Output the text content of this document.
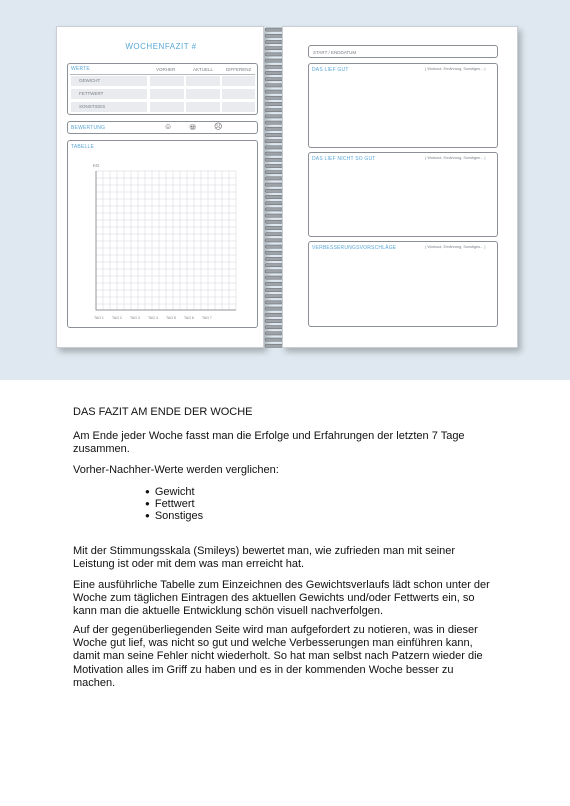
WOCHENFAZIT #
WERTE	VORHER	AKTUELL	DIFFERENZ
GEWICHT
FETTWERT
SONSTIGES
BEWERTUNG	☺	😐 ☹
TABELLE
KG
TAG 1 TAG 2 TAG 3 TAG 4 TAG 5 TAG 6 TAG 7
START / ENDDATUM
DAS LIEF GUT	( Workout, Ernährung, Sonstiges... )
DAS LIEF NICHT SO GUT	( Workout, Ernährung, Sonstiges... )
VERBESSERUNGSVORSCHLÄGE	( Workout, Ernährung, Sonstiges... )
DAS FAZIT AM ENDE DER WOCHE
Am Ende jeder Woche fasst man die Erfolge und Erfahrungen der letzten 7 Tage zusammen.
Vorher-Nachher-Werte werden verglichen:
● Gewicht
● Fettwert
● Sonstiges
Mit der Stimmungsskala (Smileys) bewertet man, wie zufrieden man mit seiner Leistung ist oder mit dem was man erreicht hat.
Eine ausführliche Tabelle zum Einzeichnen des Gewichtsverlaufs lädt schon unter der Woche zum täglichen Eintragen des aktuellen Gewichts und/oder Fettwerts ein, so kann man die aktuelle Entwicklung schön visuell nachverfolgen.
Auf der gegenüberliegenden Seite wird man aufgefordert zu notieren, was in dieser Woche gut lief, was nicht so gut und welche Verbesserungen man einführen kann, damit man seine Fehler nicht wiederholt. So hat man selbst nach Patzern wieder die Motivation alles im Griff zu haben und es in der kommenden Woche besser zu machen.
